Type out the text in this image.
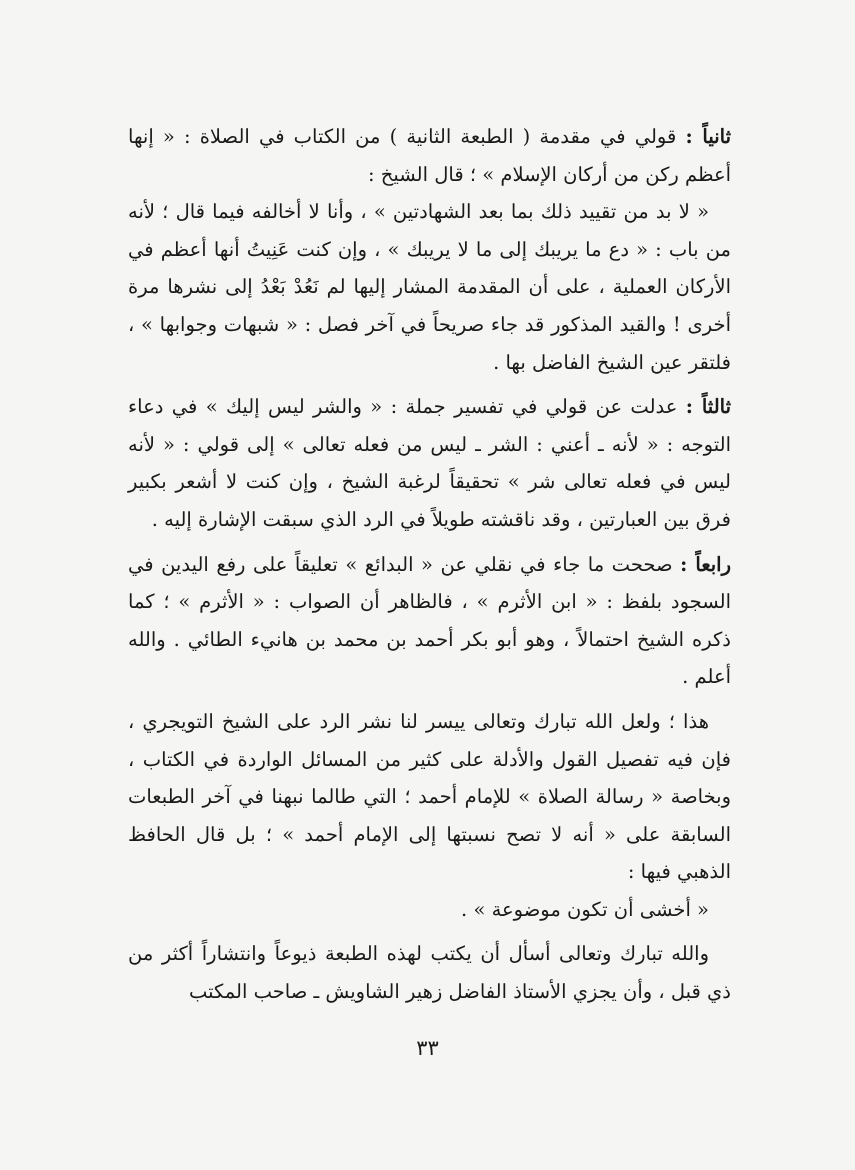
ثانياً : قولي في مقدمة ( الطبعة الثانية ) من الكتاب في الصلاة : « إنها أعظم ركن من أركان الإسلام » ؛ قال الشيخ :

« لا بد من تقييد ذلك بما بعد الشهادتين » ، وأنا لا أخالفه فيما قال ؛ لأنه من باب : « دع ما يريبك إلى ما لا يريبك » ، وإن كنت عَنِيتُ أنها أعظم في الأركان العملية ، على أن المقدمة المشار إليها لم نَعُدْ بَعْدُ إلى نشرها مرة أخرى ! والقيد المذكور قد جاء صريحاً في آخر فصل : « شبهات وجوابها » ، فلتقر عين الشيخ الفاضل بها .

ثالثاً : عدلت عن قولي في تفسير جملة : « والشر ليس إليك » في دعاء التوجه : « لأنه ـ أعني : الشر ـ ليس من فعله تعالى » إلى قولي : « لأنه ليس في فعله تعالى شر » تحقيقاً لرغبة الشيخ ، وإن كنت لا أشعر بكبير فرق بين العبارتين ، وقد ناقشته طويلاً في الرد الذي سبقت الإشارة إليه .

رابعاً : صححت ما جاء في نقلي عن « البدائع » تعليقاً على رفع اليدين في السجود بلفظ : « ابن الأثرم » ، فالظاهر أن الصواب : « الأثرم » ؛ كما ذكره الشيخ احتمالاً ، وهو أبو بكر أحمد بن محمد بن هانيء الطائي . والله أعلم .

هذا ؛ ولعل الله تبارك وتعالى ييسر لنا نشر الرد على الشيخ التويجري ، فإن فيه تفصيل القول والأدلة على كثير من المسائل الواردة في الكتاب ، وبخاصة « رسالة الصلاة » للإمام أحمد ؛ التي طالما نبهنا في آخر الطبعات السابقة على « أنه لا تصح نسبتها إلى الإمام أحمد » ؛ بل قال الحافظ الذهبي فيها :

« أخشى أن تكون موضوعة » .

والله تبارك وتعالى أسأل أن يكتب لهذه الطبعة ذيوعاً وانتشاراً أكثر من ذي قبل ، وأن يجزي الأستاذ الفاضل زهير الشاويش ـ صاحب المكتب

٣٣
